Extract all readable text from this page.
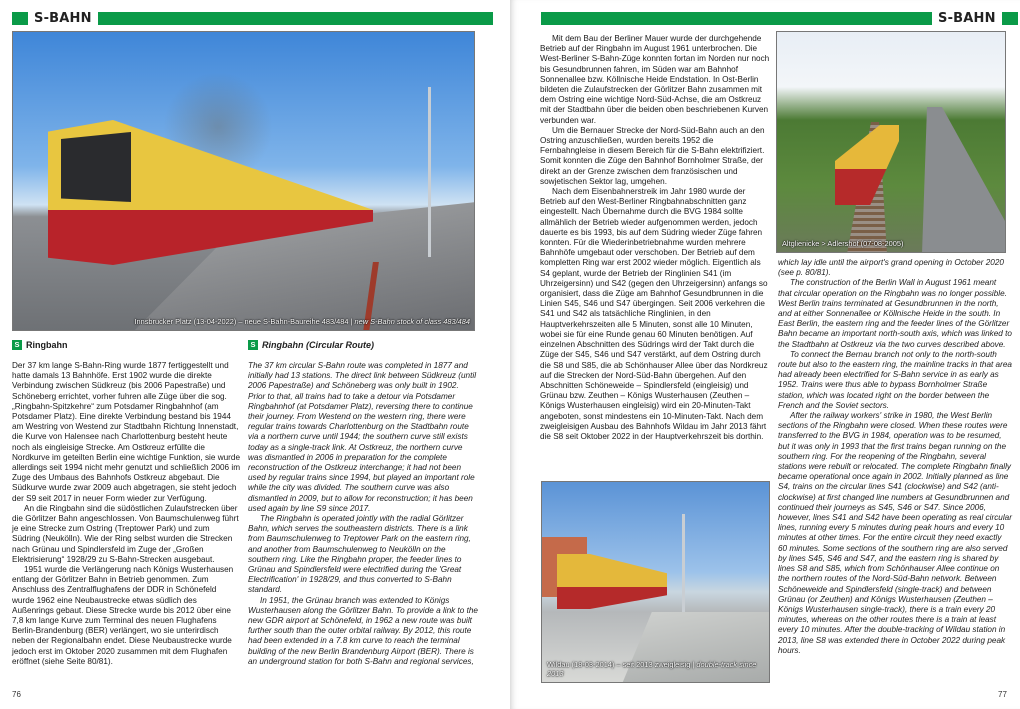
S-BAHN
Innsbrucker Platz (13-04-2022) – neue S-Bahn-Baureihe 483/484 | new S-Bahn stock of class 483/484
S Ringbahn

Der 37 km lange S-Bahn-Ring wurde 1877 fertiggestellt und hatte damals 13 Bahnhöfe. Erst 1902 wurde die direkte Verbindung zwischen Südkreuz (bis 2006 Papestraße) und Schöneberg errichtet, vorher fuhren alle Züge über die sog. „Ringbahn-Spitzkehre“ zum Potsdamer Ringbahnhof (am Potsdamer Platz). Eine direkte Verbindung bestand bis 1944 am Westring von Westend zur Stadtbahn Richtung Innenstadt, die Kurve von Halensee nach Charlottenburg besteht heute noch als eingleisige Strecke. Am Ostkreuz erfüllte die Nordkurve im geteilten Berlin eine wichtige Funktion, sie wurde allerdings seit 1994 nicht mehr genutzt und schließlich 2006 im Zuge des Umbaus des Bahnhofs Ostkreuz abgebaut. Die Südkurve wurde zwar 2009 auch abgetragen, sie steht jedoch der S9 seit 2017 in neuer Form wieder zur Verfügung.

An die Ringbahn sind die südöstlichen Zulaufstrecken über die Görlitzer Bahn angeschlossen. Von Baumschulenweg führt je eine Strecke zum Ostring (Treptower Park) und zum Südring (Neukölln). Wie der Ring selbst wurden die Strecken nach Grünau und Spindlersfeld im Zuge der „Großen Elektrisierung“ 1928/29 zu S-Bahn-Strecken ausgebaut.

1951 wurde die Verlängerung nach Königs Wusterhausen entlang der Görlitzer Bahn in Betrieb genommen. Zum Anschluss des Zentralflughafens der DDR in Schönefeld wurde 1962 eine Neubaustrecke etwas südlich des Außenrings gebaut. Diese Strecke wurde bis 2012 über eine 7,8 km lange Kurve zum Terminal des neuen Flughafens Berlin-Brandenburg (BER) verlängert, wo sie unterirdisch neben der Regionalbahn endet. Diese Neubaustrecke wurde jedoch erst im Oktober 2020 zusammen mit dem Flughafen eröffnet (siehe Seite 80/81).

S Ringbahn (Circular Route)

The 37 km circular S-Bahn route was completed in 1877 and initially had 13 stations. The direct link between Südkreuz (until 2006 Papestraße) and Schöneberg was only built in 1902. Prior to that, all trains had to take a detour via Potsdamer Ringbahnhof (at Potsdamer Platz), reversing there to continue their journey. From Westend on the western ring, there were regular trains towards Charlottenburg on the Stadtbahn route via a northern curve until 1944; the southern curve still exists today as a single-track link. At Ostkreuz, the northern curve was dismantled in 2006 in preparation for the complete reconstruction of the Ostkreuz interchange; it had not been used by regular trains since 1994, but played an important role while the city was divided. The southern curve was also dismantled in 2009, but to allow for reconstruction; it has been used again by line S9 since 2017.

The Ringbahn is operated jointly with the radial Görlitzer Bahn, which serves the southeastern districts. There is a link from Baumschulenweg to Treptower Park on the eastern ring, and another from Baumschulenweg to Neukölln on the southern ring. Like the Ringbahn proper, the feeder lines to Grünau and Spindlersfeld were electrified during the 'Great Electrification' in 1928/29, and thus converted to S-Bahn standard.

In 1951, the Grünau branch was extended to Königs Wusterhausen along the Görlitzer Bahn. To provide a link to the new GDR airport at Schönefeld, in 1962 a new route was built further south than the outer orbital railway. By 2012, this route had been extended in a 7.8 km curve to reach the terminal building of the new Berlin Brandenburg Airport (BER). There is an underground station for both S-Bahn and regional services,

76
S-BAHN

Mit dem Bau der Berliner Mauer wurde der durchgehende Betrieb auf der Ringbahn im August 1961 unterbrochen. Die West-Berliner S-Bahn-Züge konnten fortan im Norden nur noch bis Gesundbrunnen fahren, im Süden war am Bahnhof Sonnenallee bzw. Köllnische Heide Endstation. In Ost-Berlin bildeten die Zulaufstrecken der Görlitzer Bahn zusammen mit dem Ostring eine wichtige Nord-Süd-Achse, die am Ostkreuz mit der Stadtbahn über die beiden oben beschriebenen Kurven verbunden war.

Um die Bernauer Strecke der Nord-Süd-Bahn auch an den Ostring anzuschließen, wurden bereits 1952 die Fernbahngleise in diesem Bereich für die S-Bahn elektrifiziert. Somit konnten die Züge den Bahnhof Bornholmer Straße, der direkt an der Grenze zwischen dem französischen und sowjetischen Sektor lag, umgehen.

Nach dem Eisenbahnerstreik im Jahr 1980 wurde der Betrieb auf den West-Berliner Ringbahnabschnitten ganz eingestellt. Nach Übernahme durch die BVG 1984 sollte allmählich der Betrieb wieder aufgenommen werden, jedoch dauerte es bis 1993, bis auf dem Südring wieder Züge fahren konnten. Für die Wiederinbetriebnahme wurden mehrere Bahnhöfe umgebaut oder verschoben. Der Betrieb auf dem kompletten Ring war erst 2002 wieder möglich. Eigentlich als S4 geplant, wurde der Betrieb der Ringlinien S41 (im Uhrzeigersinn) und S42 (gegen den Uhrzeigersinn) anfangs so organisiert, dass die Züge am Bahnhof Gesundbrunnen in die Linien S45, S46 und S47 übergingen. Seit 2006 verkehren die S41 und S42 als tatsächliche Ringlinien, in den Hauptverkehrszeiten alle 5 Minuten, sonst alle 10 Minuten, wobei sie für eine Runde genau 60 Minuten benötigen. Auf einzelnen Abschnitten des Südrings wird der Takt durch die Züge der S45, S46 und S47 verstärkt, auf dem Ostring durch die S8 und S85, die ab Schönhauser Allee über das Nordkreuz auf die Strecken der Nord-Süd-Bahn übergehen. Auf den Abschnitten Schöneweide – Spindlersfeld (eingleisig) und Grünau bzw. Zeuthen – Königs Wusterhausen (Zeuthen – Königs Wusterhausen eingleisig) wird ein 20-Minuten-Takt angeboten, sonst mindestens ein 10-Minuten-Takt. Nach dem zweigleisigen Ausbau des Bahnhofs Wildau im Jahr 2013 fährt die S8 seit Oktober 2022 in der Hauptverkehrszeit bis dorthin.

Altglienicke > Adlershof (07-08-2005)

which lay idle until the airport's grand opening in October 2020 (see p. 80/81).

The construction of the Berlin Wall in August 1961 meant that circular operation on the Ringbahn was no longer possible. West Berlin trains terminated at Gesundbrunnen in the north, and at either Sonnenallee or Köllnische Heide in the south. In East Berlin, the eastern ring and the feeder lines of the Görlitzer Bahn became an important north-south axis, which was linked to the Stadtbahn at Ostkreuz via the two curves described above.

To connect the Bernau branch not only to the north-south route but also to the eastern ring, the mainline tracks in that area had already been electrified for S-Bahn service in as early as 1952. Trains were thus able to bypass Bornholmer Straße station, which was located right on the border between the French and the Soviet sectors.

After the railway workers' strike in 1980, the West Berlin sections of the Ringbahn were closed. When these routes were transferred to the BVG in 1984, operation was to be resumed, but it was only in 1993 that the first trains began running on the southern ring. For the reopening of the Ringbahn, several stations were rebuilt or relocated. The complete Ringbahn finally became operational once again in 2002. Initially planned as line S4, trains on the circular lines S41 (clockwise) and S42 (anti-clockwise) at first changed line numbers at Gesundbrunnen and continued their journeys as S45, S46 or S47. Since 2006, however, lines S41 and S42 have been operating as real circular lines, running every 5 minutes during peak hours and every 10 minutes at other times. For the entire circuit they need exactly 60 minutes. Some sections of the southern ring are also served by lines S45, S46 and S47, and the eastern ring is shared by lines S8 and S85, which from Schönhauser Allee continue on the northern routes of the Nord-Süd-Bahn network. Between Schöneweide and Spindlersfeld (single-track) and between Grünau (or Zeuthen) and Königs Wusterhausen (Zeuthen – Königs Wusterhausen single-track), there is a train every 20 minutes, whereas on the other routes there is a train at least every 10 minutes. After the double-tracking of Wildau station in 2013, line S8 was extended there in October 2022 during peak hours.

Wildau (18-03-2014) – seit 2013 zweigleisig | double-track since 2013
77
